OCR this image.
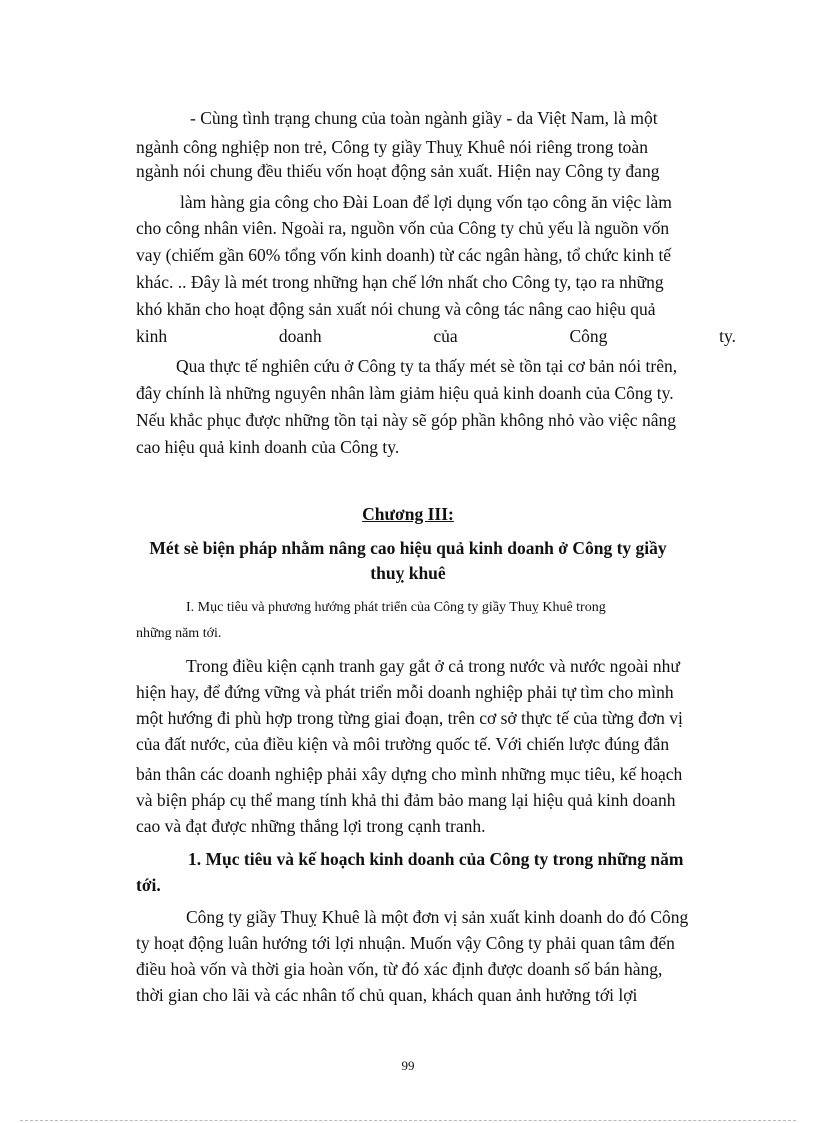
- Cùng tình trạng chung của toàn ngành giầy - da Việt Nam, là một
ngành công nghiệp non trẻ, Công ty giầy Thuỵ Khuê nói riêng trong toàn
ngành nói chung đều thiếu vốn hoạt động sản xuất. Hiện nay Công ty đang
làm hàng gia công cho Đài Loan để lợi dụng vốn tạo công ăn việc làm
cho công nhân viên. Ngoài ra, nguồn vốn của Công ty chủ yếu là nguồn vốn
vay (chiếm gần 60% tổng vốn kinh doanh) từ các ngân hàng, tổ chức kinh tế
khác. .. Đây là mét trong những hạn chế lớn nhất cho Công ty, tạo ra những
khó khăn cho hoạt động sản xuất nói chung và công tác nâng cao hiệu quả
kinh	doanh	của	Công	ty.
Qua thực tế nghiên cứu ở Công ty ta thấy mét sè tồn tại cơ bản nói trên,
đây chính là những nguyên nhân làm giảm hiệu quả kinh doanh của Công ty.
Nếu khắc phục được những tồn tại này sẽ góp phần không nhỏ vào việc nâng
cao hiệu quả kinh doanh của Công ty.
Chương III:
Mét sè biện pháp nhằm nâng cao hiệu quả kinh doanh ở Công ty giầy
thuỵ khuê
I. Mục tiêu và phương hướng phát triển của Công ty giầy Thuỵ Khuê trong
những năm tới.
Trong điều kiện cạnh tranh gay gắt ở cả trong nước và nước ngoài như
hiện hay, để đứng vững và phát triển mỗi doanh nghiệp phải tự tìm cho mình
một hướng đi phù hợp trong từng giai đoạn, trên cơ sở thực tế của từng đơn vị
của đất nước, của điều kiện và môi trường quốc tế. Với chiến lược đúng đắn
bản thân các doanh nghiệp phải xây dựng cho mình những mục tiêu, kế hoạch
và biện pháp cụ thể mang tính khả thi đảm bảo mang lại hiệu quả kinh doanh
cao và đạt được những thắng lợi trong cạnh tranh.
1. Mục tiêu và kế hoạch kinh doanh của Công ty trong những năm
tới.
Công ty giầy Thuỵ Khuê là một đơn vị sản xuất kinh doanh do đó Công
ty hoạt động luân hướng tới lợi nhuận. Muốn vậy Công ty phải quan tâm đến
điều hoà vốn và thời gia hoàn vốn, từ đó xác định được doanh số bán hàng,
thời gian cho lãi và các nhân tố chủ quan, khách quan ảnh hưởng tới lợi
99
